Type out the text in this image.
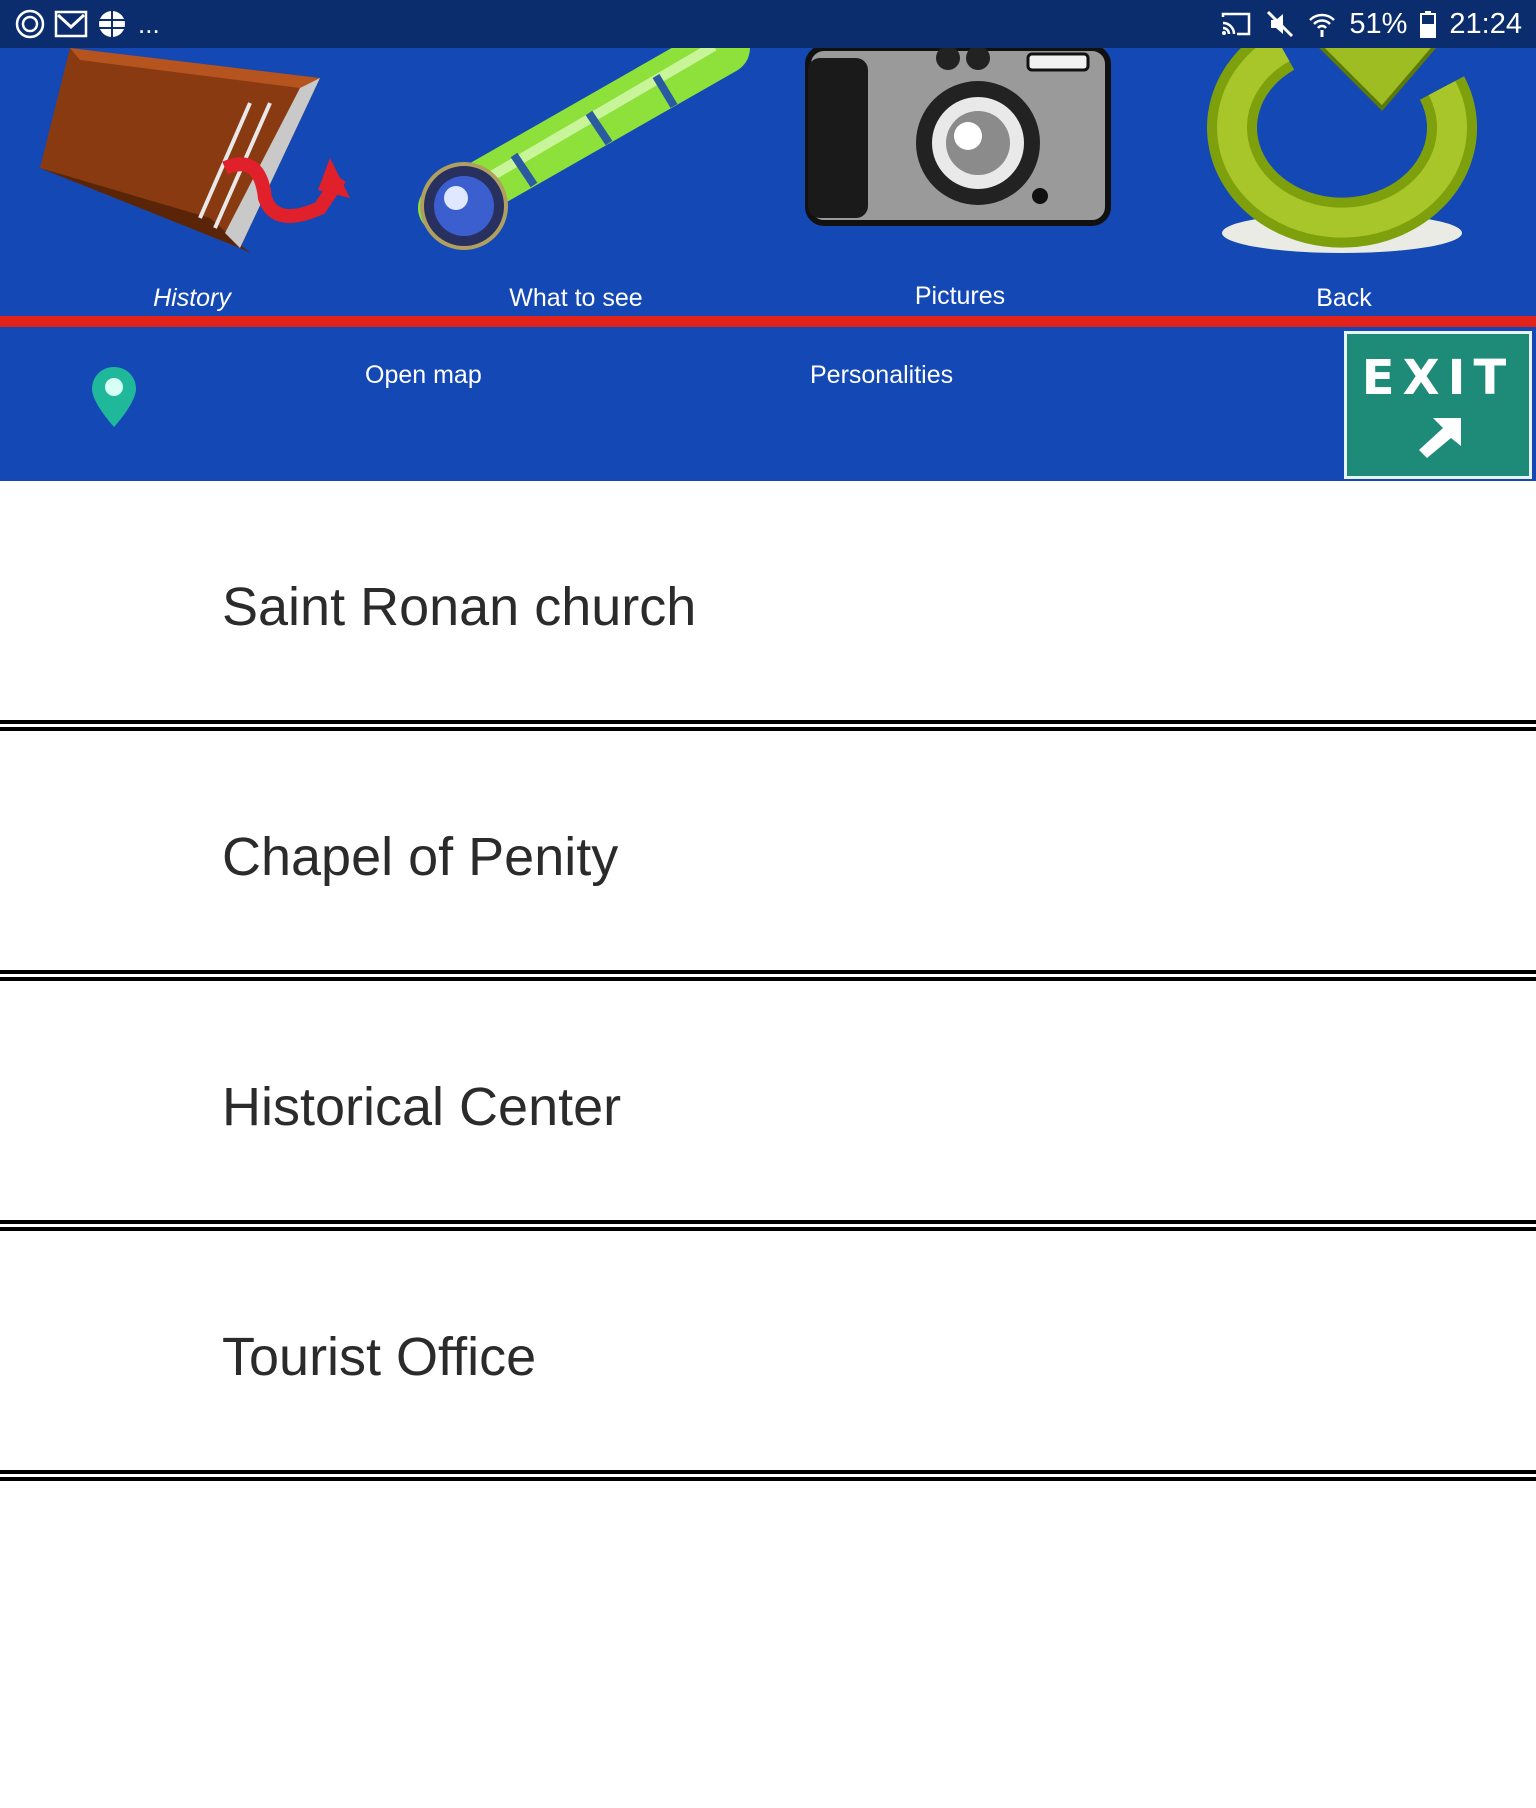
...	51% 21:24
History	What to see	Pictures	Back
Open map	Personalities	EXIT
Saint Ronan church
Chapel of Penity
Historical Center
Tourist Office
